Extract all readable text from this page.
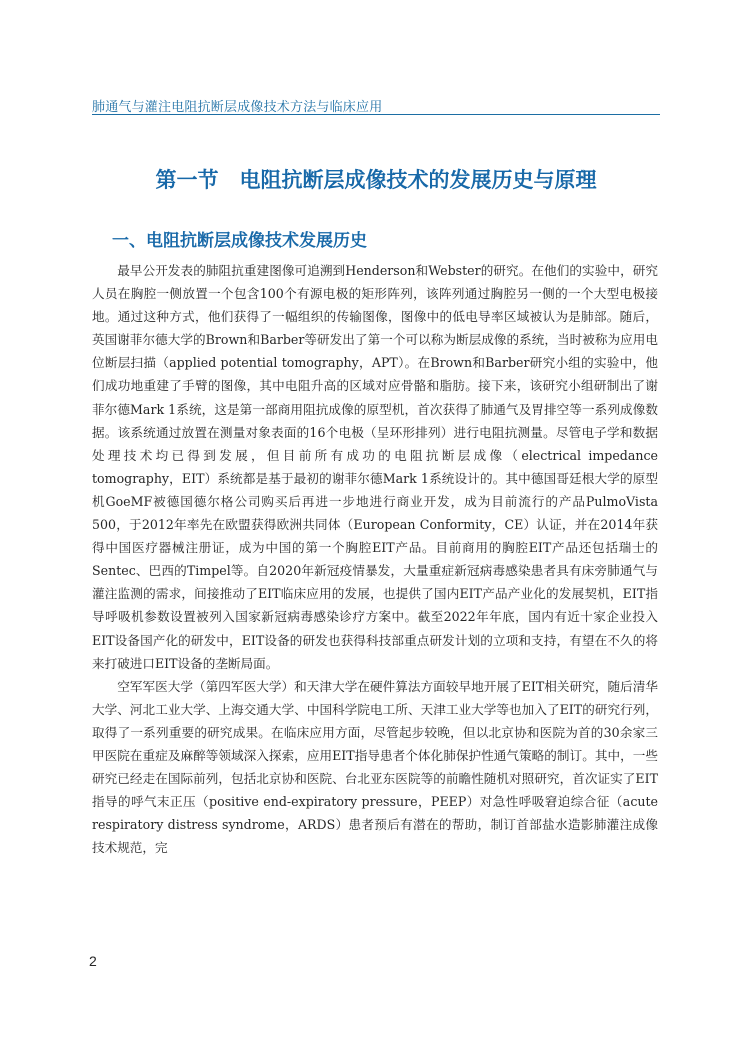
肺通气与灌注电阻抗断层成像技术方法与临床应用
第一节　电阻抗断层成像技术的发展历史与原理
一、电阻抗断层成像技术发展历史

最早公开发表的肺阻抗重建图像可追溯到Henderson和Webster的研究。在他们的实验中，研究人员在胸腔一侧放置一个包含100个有源电极的矩形阵列，该阵列通过胸腔另一侧的一个大型电极接地。通过这种方式，他们获得了一幅组织的传输图像，图像中的低电导率区域被认为是肺部。随后，英国谢菲尔德大学的Brown和Barber等研发出了第一个可以称为断层成像的系统，当时被称为应用电位断层扫描（applied potential tomography，APT）。在Brown和Barber研究小组的实验中，他们成功地重建了手臂的图像，其中电阻升高的区域对应骨骼和脂肪。接下来，该研究小组研制出了谢菲尔德Mark 1系统，这是第一部商用阻抗成像的原型机，首次获得了肺通气及胃排空等一系列成像数据。该系统通过放置在测量对象表面的16个电极（呈环形排列）进行电阻抗测量。尽管电子学和数据处理技术均已得到发展，但目前所有成功的电阻抗断层成像（electrical impedance tomography，EIT）系统都是基于最初的谢菲尔德Mark 1系统设计的。其中德国哥廷根大学的原型机GoeMF被德国德尔格公司购买后再进一步地进行商业开发，成为目前流行的产品PulmoVista 500，于2012年率先在欧盟获得欧洲共同体（European Conformity，CE）认证，并在2014年获得中国医疗器械注册证，成为中国的第一个胸腔EIT产品。目前商用的胸腔EIT产品还包括瑞士的Sentec、巴西的Timpel等。自2020年新冠疫情暴发，大量重症新冠病毒感染患者具有床旁肺通气与灌注监测的需求，间接推动了EIT临床应用的发展，也提供了国内EIT产品产业化的发展契机，EIT指导呼吸机参数设置被列入国家新冠病毒感染诊疗方案中。截至2022年年底，国内有近十家企业投入EIT设备国产化的研发中，EIT设备的研发也获得科技部重点研发计划的立项和支持，有望在不久的将来打破进口EIT设备的垄断局面。

空军军医大学（第四军医大学）和天津大学在硬件算法方面较早地开展了EIT相关研究，随后清华大学、河北工业大学、上海交通大学、中国科学院电工所、天津工业大学等也加入了EIT的研究行列，取得了一系列重要的研究成果。在临床应用方面，尽管起步较晚，但以北京协和医院为首的30余家三甲医院在重症及麻醉等领域深入探索，应用EIT指导患者个体化肺保护性通气策略的制订。其中，一些研究已经走在国际前列，包括北京协和医院、台北亚东医院等的前瞻性随机对照研究，首次证实了EIT指导的呼气末正压（positive end-expiratory pressure，PEEP）对急性呼吸窘迫综合征（acute respiratory distress syndrome，ARDS）患者预后有潜在的帮助，制订首部盐水造影肺灌注成像技术规范，完

2
